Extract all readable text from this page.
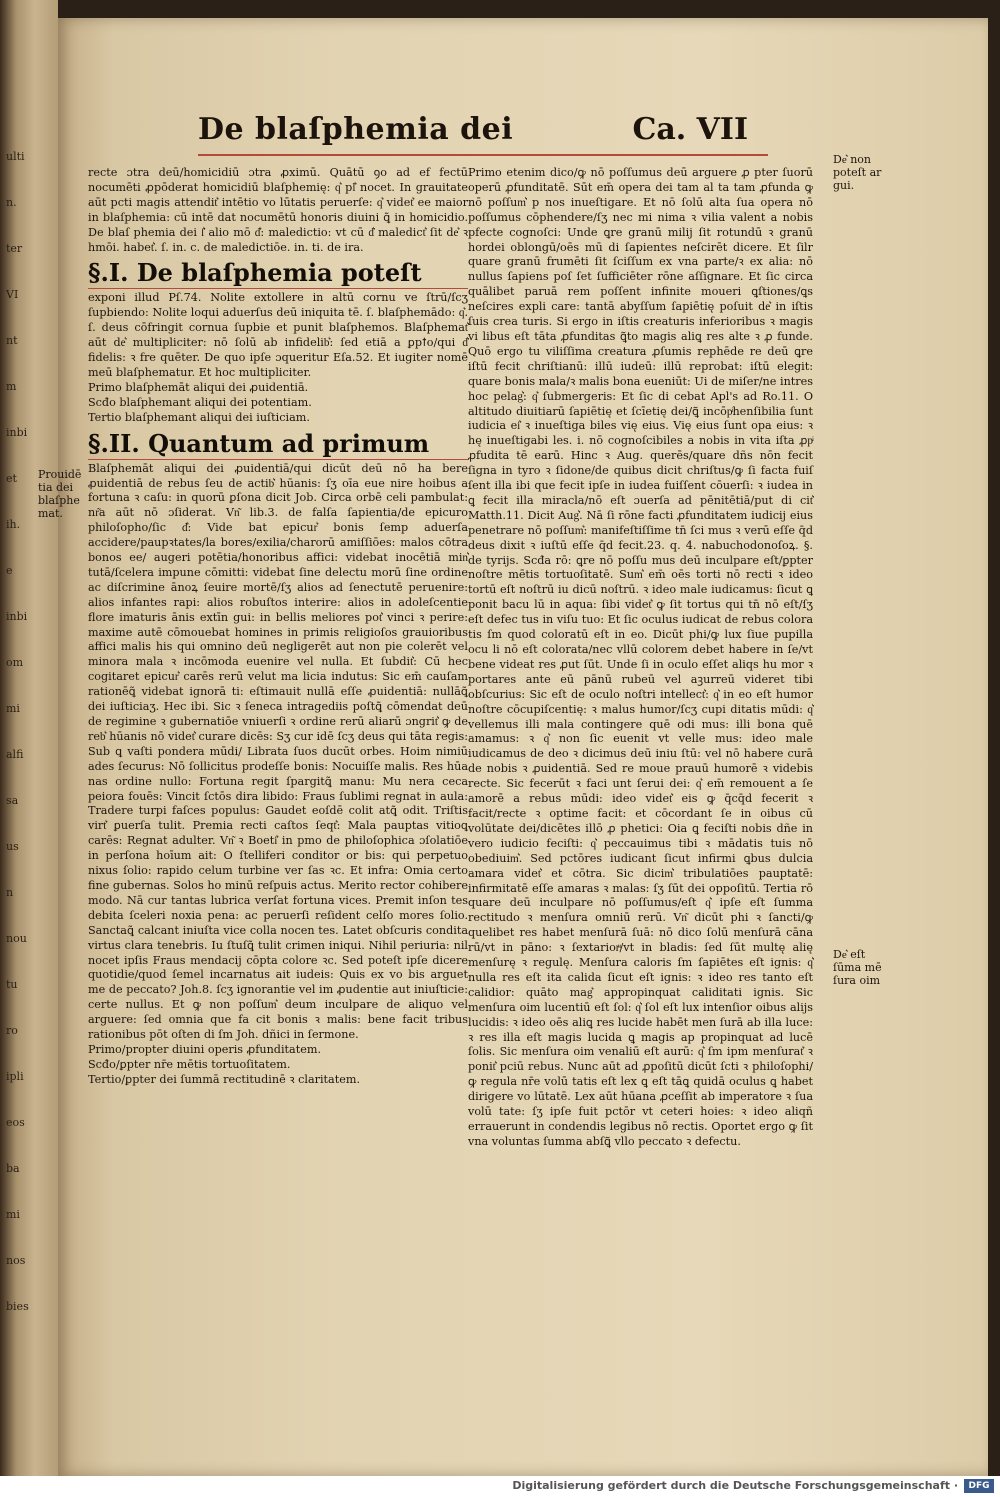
ulti
n.
ter
VI
nt
m
inbi
et
ih.
e
inbi
om
mi
alfi
sa
us
n
nou
tu
ro
ipli
eos
ba
mi
nos
bies
De blaſphemia dei	Ca. VII

recte ɔtra deū/homicidiū ɔtra ꝓximū. Quātū ꝯo ad ef fectū nocumēti ꝓpōderat homicidiū blaſphemię: q͛ pl͛ nocet. In grauitate aūt pcti magis attendit͛ intētio vo lūtatis peruerſe: q͛ videt͛ ee maior in blaſphemia: cū intē dat nocumētū honoris diuini ꝗ͂ in homicidio. De blaſ phemia dei ſ͛ alio mō d͛: maledictio: vt cū d͛ maledict͛ ſit de͛ ꝛ hmōi. habet͛. ſ. in. c. de maledictiōe. in. ti. de ira.

§.I. De blaſphemia poteſt

exponi illud Pſ.74. Nolite extollere in altū cornu ve ſtrū/ſcʒ ſupbiendo: Nolite loqui aduerſus deū iniquita tē. ſ. blaſphemādo: q͛. ſ. deus cōfringit cornua ſupbie et punit blaſphemos. Blaſphemat͛ aūt de͛ multipliciter: nō ſolū ab infidelib͛: ſed etiā a ꝑpꝉo/qui d͛ fidelis: ꝛ fre quēter. De quo ipſe ɔqueritur Eſa.52. Et iugiter nomē meū blaſphematur. Et hoc multipliciter.

Primo blaſphemāt aliqui dei ꝓuidentiā.

Scđo blaſphemant aliqui dei potentiam.

Tertio blaſphemant aliqui dei iuſticiam.

§.II. Quantum ad primum

Blaſphemāt aliqui dei ꝓuidentiā/qui dicūt deū nō ha bere ꝓuidentiā de rebus ſeu de actib͛ hūanis: ſʒ oīa eue nire hoibus a fortuna ꝛ caſu: in quorū ꝑſona dicit Job. Circa orbē celi pambulat: nr͂a aūt nō ɔſiderat. Vn͂ lib.3. de falſa ſapientia/de epicuro philoſopho/ſic d͛: Vide bat epicur͛ bonis ſemp aduerſa accidere/paupꝛtates/la bores/exilia/charorū amiſſiōes: malos cōtra bonos ee/ augeri potētia/honoribus affici: videbat inocētiā min͛ tutā/ſcelera impune cōmitti: videbat ſine delectu morū ſine ordine ac diſcrimine ānoꝝ ſeuire mortē/ſʒ alios ad ſenectutē peruenire: alios infantes rapi: alios robuſtos interire: alios in adoleſcentie flore imaturis ānis extīn gui: in bellis meliores pot͛ vinci ꝛ perire: maxime autē cōmouebat homines in primis religioſos grauioribus affici malis his qui omnino deū negligerēt aut non pie colerēt vel minora mala ꝛ incōmoda euenire vel nulla. Et ſubdit͛: Cū hec cogitaret epicur͛ carēs rerū velut ma licia indutus: Sic em̄ cauſam rationēꝗ͂ videbat ignorā ti: eſtimauit nullā eſſe ꝓuidentiā: nullāꝗ͂ dei iuſticiaʒ. Hec ibi. Sic ꝛ ſeneca intragediis poſtꝗ͂ cōmendat deū de regimine ꝛ gubernatiōe vniuerſi ꝛ ordine rerū aliarū ɔngrit͛ ꝙ de reb͛ hūanis nō videt͛ curare dicēs: Sʒ cur idē ſcʒ deus qui tāta regis: Sub ꝗ vaſti pondera mūdi/ Librata ſuos ducūt orbes. Hoim nimiū ades ſecurus: Nō ſollicitus prodeſſe bonis: Nocuiſſe malis. Res hūa nas ordine nullo: Fortuna regit ſpargitꝗ͂ manu: Mu nera ceca peiora fouēs: Vincit ſctōs dira libido: Fraus ſublimi regnat in aula: Tradere turpi faſces populus: Gaudet eoſdē colit atꝗ͂ odit. Triſtis virt͛ ꝑuerſa tulit. Premia recti caſtos ſeqt͛: Mala pauptas vitioꝗ carēs: Regnat adulter. Vn͂ ꝛ Boeti͛ in pmo de philoſophica ɔſolatiōe in perſona hoīum ait: O ſtelliferi conditor or bis: qui perpetuo nixus ſolio: rapido celum turbine ver ſas ꝛc. Et infra: Omia certo fine gubernas. Solos ho minū reſpuis actus. Merito rector cohibere modo. Nā cur tantas lubrica verſat fortuna vices. Premit inſon tes debita ſceleri noxia pena: ac peruerſi reſident celſo mores ſolio. Sanctaꝗ͂ calcant iniuſta vice colla nocen tes. Latet obſcuris condita virtus clara tenebris. Iu ſtuſꝗ͂ tulit crimen iniqui. Nihil periuria: nil nocet ipſis Fraus mendacij cōpta colore ꝛc. Sed poteſt ipſe dicere quotidie/quod ſemel incarnatus ait iudeis: Quis ex vo bis arguet me de peccato? Joh.8. ſcʒ ignorantie vel im ꝓudentie aut iniuſticie: certe nullus. Et ꝙ non poſſum͛ deum inculpare de aliquo vel arguere: ſed omnia que fa cit bonis ꝛ malis: bene facit tribus rationibus pōt oſten di ſm Joh. dñici in ſermone.

Primo/propter diuini operis ꝓfunditatem.

Scđo/ꝑpter nr̄e mētis tortuoſitatem.

Tertio/ꝑpter dei ſummā rectitudinē ꝛ claritatem.

Primo etenim dico/ꝙ nō poſſumus deū arguere ꝓ pter ſuorū operū ꝓfunditatē. Sūt em̄ opera dei tam al ta tam ꝓfunda ꝙ nō poſſum͛ p nos inueſtigare. Et nō ſolū alta ſua opera nō poſſumus cōphendere/ſʒ nec mi nima ꝛ vilia valent a nobis pfecte cognoſci: Unde ꝗre granū milij ſit rotundū ꝛ granū hordei oblongū/oēs mū di ſapientes neſcirēt dicere. Et ſilr quare granū frumēti ſit ſciſſum ex vna parte/ꝛ ex alia: nō nullus ſapiens poſ ſet ſufficiēter rōne aſſignare. Et ſic circa quālibet paruā rem poſſent infinite moueri ꝗſtiones/ꝗs neſcires expli care: tantā abyſſum ſapiētię poſuit de͛ in iſtis ſuis crea turis. Si ergo in iſtis creaturis inferioribus ꝛ magis vi libus eſt tāta ꝓfunditas ꝗ͂to magis aliꝗ res alte ꝛ ꝓ funde. Quō ergo tu viliſſima creatura ꝓſumis rephēde re deū ꝗre iſtū fecit chriſtianū: illū iudeū: illū reprobat: iſtū elegit: quare bonis mala/ꝛ malis bona eueniūt: Ui de miſer/ne intres hoc pelag͛: q͛ ſubmergeris: Et ſic di cebat Apl's ad Ro.11. O altitudo diuitiarū ſapiētię et ſcīetię dei/ꝗ͂ incōpͥhenſibilia ſunt iudicia ei͛ ꝛ inueſtiga biles vię eius. Vię eius ſunt opa eius: ꝛ hę inueſtigabi les. i. nō cognoſcibiles a nobis in vita iſta ꝓpͥ ꝓfudita tē earū. Hinc ꝛ Aug. querēs/quare dñs nōn fecit ſigna in tyro ꝛ ſidone/de quibus dicit chriſtus/ꝙ ſi facta fuiſ ſent illa ibi que fecit ipſe in iudea fuiſſent cōuerſi: ꝛ iudea in ꝗ fecit illa miracla/nō eſt ɔuerſa ad pēnitētiā/put di cit͛ Matth.11. Dicit Aug͛. Nā ſi rōne facti ꝓfunditatem iudicij eius penetrare nō poſſum͛: manifeſtiſſime tn̄ ſci mus ꝛ verū eſſe q̄d deus dixit ꝛ iuſtū eſſe q̄d fecit.23. q. 4. nabuchodonoſoꝝ. §. de tyrijs. Scđa rō: ꝗre nō poſſu mus deū inculpare eſt/ꝑpter noſtre mētis tortuoſitatē. Sum͛ em̄ oēs torti nō recti ꝛ ideo tortū eſt noſtrū iu dicū noſtrū. ꝛ ideo male iudicamus: ſicut ꝗ ponit bacu lū in aqua: ſibi videt͛ ꝙ ſit tortus qui tn̄ nō eſt/ſʒ eſt defec tus in viſu tuo: Et ſic oculus iudicat de rebus colora tis ſm quod coloratū eſt in eo. Dicūt phi/ꝙ lux ſiue pupilla ocu li nō eſt colorata/nec vllū colorem debet habere in ſe/vt bene videat res ꝓut ſūt. Unde ſi in oculo eſſet aliqs hu mor ꝛ portares ante eū pānū rubeū vel aꝫurreū videret tibi obſcurius: Sic eſt de oculo noſtri intellect͛: q͛ in eo eſt humor noſtre cōcupiſcentię: ꝛ malus humor/ſcʒ cupi ditatis mūdi: q͛ vellemus illi mala contingere quē odi mus: illi bona quē amamus: ꝛ q͛ non ſic euenit vt velle mus: ideo male iudicamus de deo ꝛ dicimus deū iniu ſtū: vel nō habere curā de nobis ꝛ ꝓuidentiā. Sed re moue prauū humorē ꝛ videbis recte. Sic fecerūt ꝛ faci unt ſerui dei: q͛ em̄ remouent a ſe amorē a rebus mūdi: ideo videt͛ eis ꝙ q̄cq̄d fecerit ꝛ facit/recte ꝛ optime facit: et cōcordant ſe in oibus cū volūtate dei/dicētes illō ꝓ phetici: Oia ꝗ feciſti nobis dñe in vero iudicio feciſti: q͛ peccauimus tibi ꝛ mādatis tuis nō obediuim͛. Sed pctōres iudicant ſicut infirmi ꝗbus dulcia amara videt͛ et cōtra. Sic dicim͛ tribulatiōes pauptatē: infirmitatē eſſe amaras ꝛ malas: ſʒ ſūt dei oppoſitū. Tertia rō quare deū inculpare nō poſſumus/eſt q͛ ipſe eſt ſumma rectitudo ꝛ menſura omniū rerū. Vn͂ dicūt phi ꝛ ſancti/ꝙ quelibet res habet menſurā ſuā: nō dico ſolū menſurā cāna rū/vt in pāno: ꝛ ſextariorͧ/vt in bladis: ſed ſūt multę alię menſurę ꝛ regulę. Menſura caloris ſm ſapiētes eſt ignis: q͛ nulla res eſt ita calida ſicut eſt ignis: ꝛ ideo res tanto eſt calidior: quāto mag͛ appropinquat caliditati ignis. Sic menſura oim lucentiū eſt ſol: q͛ ſol eſt lux intenſior oibus alijs lucidis: ꝛ ideo oēs aliꝗ res lucide habēt men ſurā ab illa luce: ꝛ res illa eſt magis lucida ꝗ magis ap propinquat ad lucē ſolis. Sic menſura oim venaliū eſt aurū: q͛ ſm ipm menſurat͛ ꝛ ponit͛ pciū rebus. Nunc aūt ad ꝓpoſitū dicūt ſcti ꝛ philoſophi/ꝙ regula nr̄e volū tatis eſt lex ꝗ eſt tāꝗ quidā oculus ꝗ habet dirigere vo lūtatē. Lex aūt hūana ꝓceſſit ab imperatore ꝛ ſua volū tate: ſʒ ipſe fuit pctōr vt ceteri hoies: ꝛ ideo aliqñ errauerunt in condendis legibus nō rectis. Oportet ergo ꝙ ſit vna voluntas ſumma abſꝗ͂ vllo peccato ꝛ defectu.

Prouidē tia dei blaſphe mat.
De͛ non poteſt ar gui.
De͛ eſt ſūma mē ſura oim
Digitalisierung gefördert durch die Deutsche Forschungsgemeinschaft ·	DFG
